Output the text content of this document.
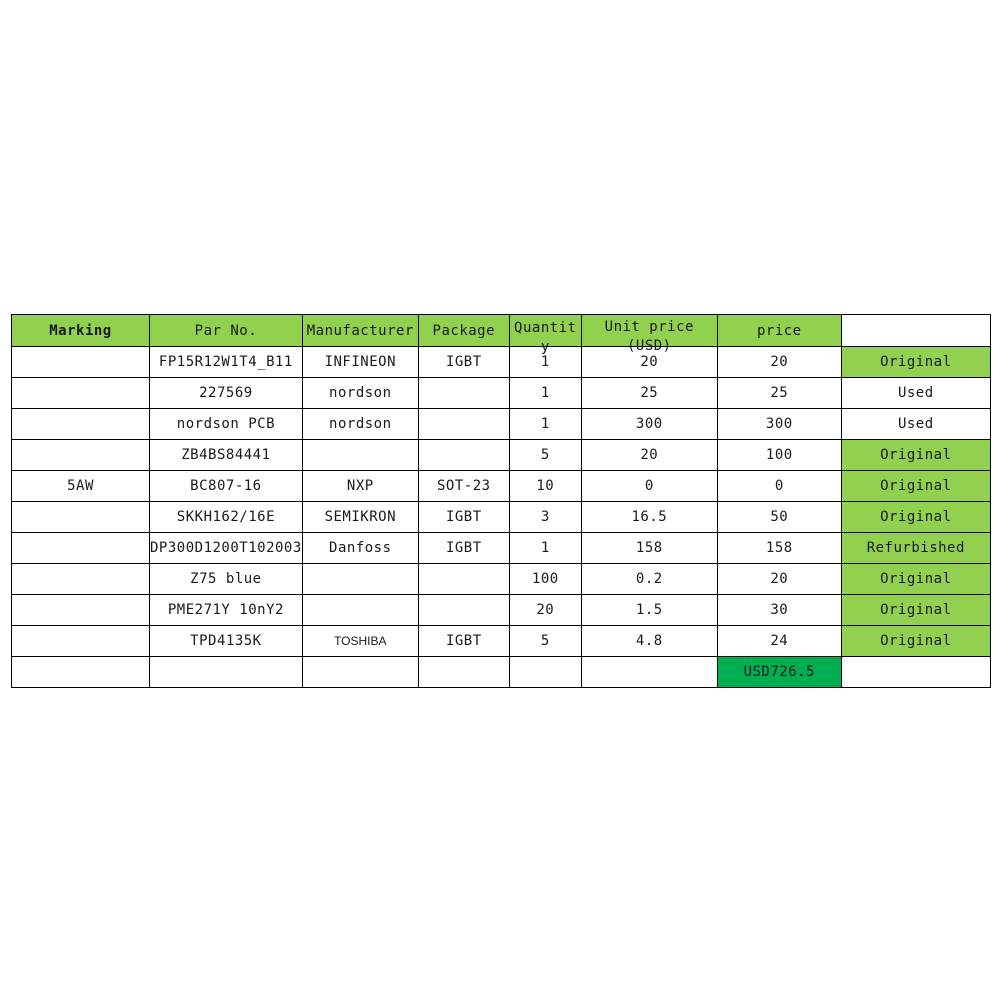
Marking	Par No.	Manufacturer	Package	Quantity	Unit price (USD)	price	
	FP15R12W1T4_B11	INFINEON	IGBT	1	20	20	Original
	227569	nordson		1	25	25	Used
	nordson PCB	nordson		1	300	300	Used
	ZB4BS84441			5	20	100	Original
5AW	BC807-16	NXP	SOT-23	10	0	0	Original
	SKKH162/16E	SEMIKRON	IGBT	3	16.5	50	Original
	DP300D1200T102003	Danfoss	IGBT	1	158	158	Refurbished
	Z75 blue			100	0.2	20	Original
	PME271Y 10nY2			20	1.5	30	Original
	TPD4135K	TOSHIBA	IGBT	5	4.8	24	Original
						USD726.5	
